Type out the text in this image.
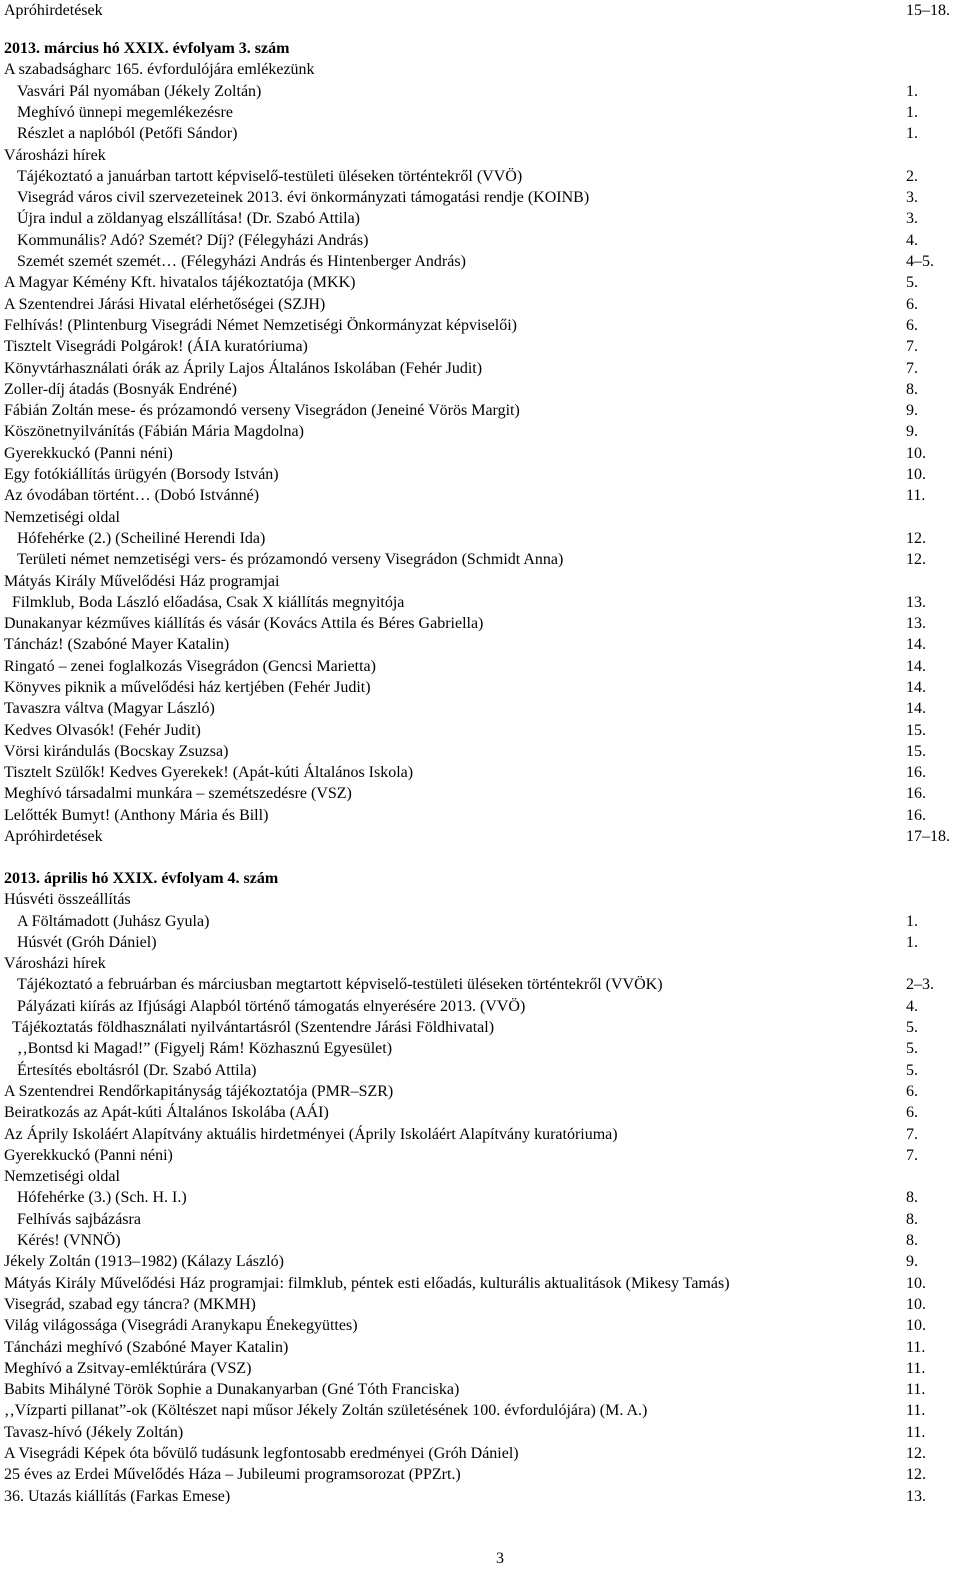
Apróhirdetések	15–18.
2013. március hó XXIX. évfolyam 3. szám
A szabadságharc 165. évfordulójára emlékezünk
Vasvári Pál nyomában (Jékely Zoltán)	1.
Meghívó ünnepi megemlékezésre	1.
Részlet a naplóból (Petőfi Sándor)	1.
Városházi hírek
Tájékoztató a januárban tartott képviselő-testületi üléseken történtekről (VVÖ)	2.
Visegrád város civil szervezeteinek 2013. évi önkormányzati támogatási rendje (KOINB)	3.
Újra indul a zöldanyag elszállítása! (Dr. Szabó Attila)	3.
Kommunális? Adó? Szemét? Díj? (Félegyházi András)	4.
Szemét szemét szemét… (Félegyházi András és Hintenberger András)	4–5.
A Magyar Kémény Kft. hivatalos tájékoztatója (MKK)	5.
A Szentendrei Járási Hivatal elérhetőségei (SZJH)	6.
Felhívás! (Plintenburg Visegrádi Német Nemzetiségi Önkormányzat képviselői)	6.
Tisztelt Visegrádi Polgárok! (ÁIA kuratóriuma)	7.
Könyvtárhasználati órák az Áprily Lajos Általános Iskolában (Fehér Judit)	7.
Zoller-díj átadás (Bosnyák Endréné)	8.
Fábián Zoltán mese- és prózamondó verseny Visegrádon (Jeneiné Vörös Margit)	9.
Köszönetnyilvánítás (Fábián Mária Magdolna)	9.
Gyerekkuckó (Panni néni)	10.
Egy fotókiállítás ürügyén (Borsody István)	10.
Az óvodában történt… (Dobó Istvánné)	11.
Nemzetiségi oldal
Hófehérke (2.) (Scheiliné Herendi Ida)	12.
Területi német nemzetiségi vers- és prózamondó verseny Visegrádon (Schmidt Anna)	12.
Mátyás Király Művelődési Ház programjai
Filmklub, Boda László előadása, Csak X kiállítás megnyitója	13.
Dunakanyar kézműves kiállítás és vásár (Kovács Attila és Béres Gabriella)	13.
Táncház! (Szabóné Mayer Katalin)	14.
Ringató – zenei foglalkozás Visegrádon (Gencsi Marietta)	14.
Könyves piknik a művelődési ház kertjében (Fehér Judit)	14.
Tavaszra váltva (Magyar László)	14.
Kedves Olvasók! (Fehér Judit)	15.
Vörsi kirándulás (Bocskay Zsuzsa)	15.
Tisztelt Szülők! Kedves Gyerekek! (Apát-kúti Általános Iskola)	16.
Meghívó társadalmi munkára – szemétszedésre (VSZ)	16.
Lelőtték Bumyt! (Anthony Mária és Bill)	16.
Apróhirdetések	17–18.
2013. április hó XXIX. évfolyam 4. szám
Húsvéti összeállítás
A Föltámadott (Juhász Gyula)	1.
Húsvét (Gróh Dániel)	1.
Városházi hírek
Tájékoztató a februárban és márciusban megtartott képviselő-testületi üléseken történtekről (VVÖK)	2–3.
Pályázati kiírás az Ifjúsági Alapból történő támogatás elnyerésére 2013. (VVÖ)	4.
Tájékoztatás földhasználati nyilvántartásról (Szentendre Járási Földhivatal)	5.
‚‚Bontsd ki Magad!” (Figyelj Rám! Közhasznú Egyesület)	5.
Értesítés eboltásról (Dr. Szabó Attila)	5.
A Szentendrei Rendőrkapitányság tájékoztatója (PMR–SZR)	6.
Beiratkozás az Apát-kúti Általános Iskolába (AÁI)	6.
Az Áprily Iskoláért Alapítvány aktuális hirdetményei (Áprily Iskoláért Alapítvány kuratóriuma)	7.
Gyerekkuckó (Panni néni)	7.
Nemzetiségi oldal
Hófehérke (3.) (Sch. H. I.)	8.
Felhívás sajbázásra	8.
Kérés! (VNNÖ)	8.
Jékely Zoltán (1913–1982) (Kálazy László)	9.
Mátyás Király Művelődési Ház programjai: filmklub, péntek esti előadás, kulturális aktualitások (Mikesy Tamás)	10.
Visegrád, szabad egy táncra? (MKMH)	10.
Világ világossága (Visegrádi Aranykapu Énekegyüttes)	10.
Táncházi meghívó (Szabóné Mayer Katalin)	11.
Meghívó a Zsitvay-emléktúrára (VSZ)	11.
Babits Mihályné Török Sophie a Dunakanyarban (Gné Tóth Franciska)	11.
‚‚Vízparti pillanat”-ok (Költészet napi műsor Jékely Zoltán születésének 100. évfordulójára) (M. A.)	11.
Tavasz-hívó (Jékely Zoltán)	11.
A Visegrádi Képek óta bővülő tudásunk legfontosabb eredményei (Gróh Dániel)	12.
25 éves az Erdei Művelődés Háza – Jubileumi programsorozat (PPZrt.)	12.
36. Utazás kiállítás (Farkas Emese)	13.
3
